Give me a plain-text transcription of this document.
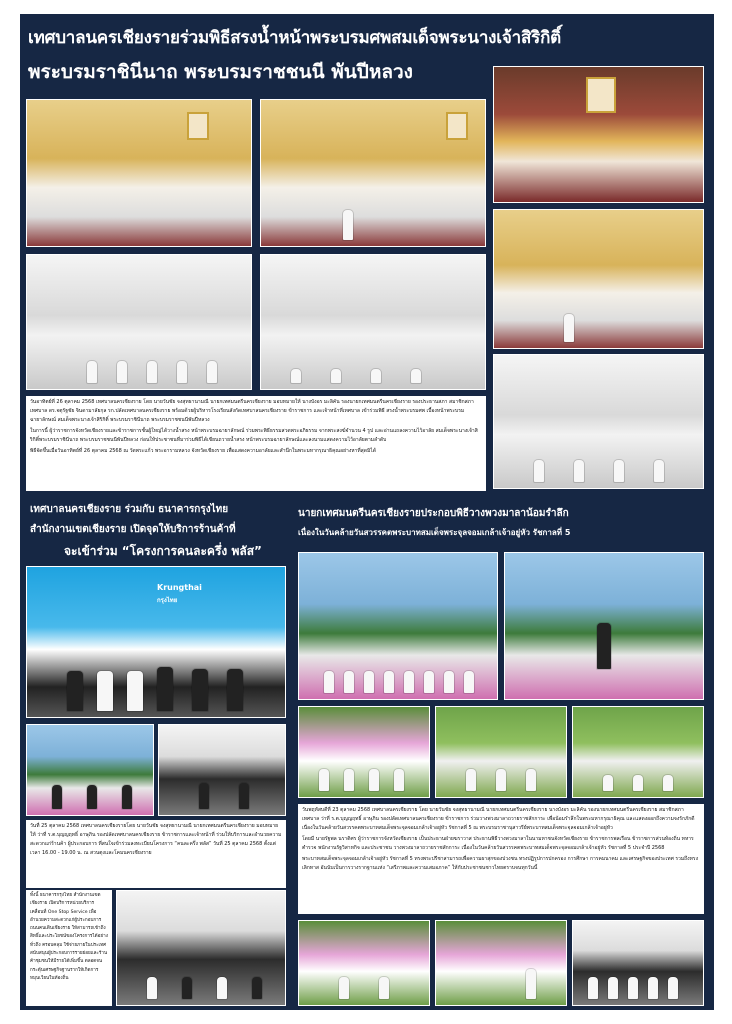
เทศบาลนครเชียงรายร่วมพิธีสรงน้ำหน้าพระบรมศพสมเด็จพระนางเจ้าสิริกิติ์
พระบรมราชินีนาถ พระบรมราชชนนี พันปีหลวง

วันอาทิตย์ที่ 26 ตุลาคม 2568 เทศบาลนครเชียงราย โดย นายวันชัย จงสุทธานามณี นายกเทศมนตรีนครเชียงราย มอบหมายให้ นางบังอร มะลิคัน รองนายกเทศมนตรีนครเชียงราย รองประธานสภา สมาชิกสภาเทศบาล ดร.จตุรัฐชัย จินดามาลัยกุล รก.ปลัดเทศบาลนครเชียงราย พร้อมด้วยผู้บริหารโรงเรียนสังกัดเทศบาลนครเชียงราย ข้าราชการ และเจ้าหน้าที่เทศบาล เข้าร่วมพิธี สรงน้ำพระบรมศพ เบื้องหน้าพระบรมฉายาลักษณ์ สมเด็จพระนางเจ้าสิริกิติ์ พระบรมราชินีนาถ พระบรมราชชนนีพันปีหลวง

ในการนี้ ผู้ว่าราชการจังหวัดเชียงรายและข้าราชการชั้นผู้ใหญ่ได้วางน้ำสรง หน้าพระบรมฉายาลักษณ์ ร่วมพระพิธีธรรมสวดพระอภิธรรม จากพระสงฆ์จำนวน 4 รูป และอ่านแถลงความไว้อาลัย สมเด็จพระนางเจ้าสิริกิติ์พระบรมราชินีนาถ พระบรมราชชนนีพันปีหลวง ก่อนให้ประชาชนที่มาร่วมพิธีได้เขียนถวายน้ำสรง หน้าพระบรมฉายาลักษณ์และลงนามแสดงความไว้อาลัยตามลำดับ

พิธีจัดขึ้นเมื่อวันอาทิตย์ที่ 26 ตุลาคม 2568 ณ วัดพระแก้ว พระอารามหลวง จังหวัดเชียงราย เพื่อแสดงความอาลัยและสำนึกในพระมหากรุณาธิคุณอย่างหาที่สุดมิได้

เทศบาลนครเชียงราย ร่วมกับ ธนาคารกรุงไทย
สำนักงานเขตเชียงราย เปิดจุดให้บริการร้านค้าที่
จะเข้าร่วม “โครงการคนละครึ่ง พลัส”
Krungthai
กรุงไทย

วันที่ 25 ตุลาคม 2568 เทศบาลนครเชียงรายโดย นายวันชัย จงสุทธานามณี นายกเทศมนตรีนครเชียงราย มอบหมายให้ ว่าที่ ร.ต.บุญญฤทธิ์ อาษุภิน รองปลัดเทศบาลนครเชียงราย ข้าราชการและเจ้าหน้าที่ ร่วมให้บริการและอำนวยความสะดวกแก่ร้านค้า ผู้ประกอบการ ที่สนใจเข้าร่วมลงทะเบียนโครงการ “คนละครึ่ง พลัส” วันที่ 25 ตุลาคม 2568 ตั้งแต่เวลา 16.00 - 19.00 น. ณ สวนตุงและโคมนครเชียงราย

ทั้งนี้ ธนาคารกรุงไทย สำนักงานเขตเชียงราย เปิดบริการหน่วยบริการเคลื่อนที่ One Stop Service เพื่ออำนวยความสะดวกแก่ผู้ประกอบการ ถนนคนเดินเชียงราย ให้สามารถเข้าถึงสิทธิ์และประโยชน์ของโครงการได้อย่างทั่วถึง ครอบคลุม ใช้จ่ายภายในประเทศ สนับสนุนผู้ประกอบการรายย่อยและร้านค้าชุมชนให้มีรายได้เพิ่มขึ้น ตลอดจนกระตุ้นเศรษฐกิจฐานรากให้เกิดการหมุนเวียนในท้องถิ่น

นายกเทศมนตรีนครเชียงรายประกอบพิธีวางพวงมาลาน้อมรำลึก
เนื่องในวันคล้ายวันสวรรคตพระบาทสมเด็จพระจุลจอมเกล้าเจ้าอยู่หัว รัชกาลที่ 5

วันพฤหัสบดีที่ 23 ตุลาคม 2568 เทศบาลนครเชียงราย โดย นายวันชัย จงสุทธานามณี นายกเทศมนตรีนครเชียงราย นางบังอร มะลิคัน รองนายกเทศมนตรีนครเชียงราย สมาชิกสภาเทศบาล ว่าที่ ร.ต.บุญญฤทธิ์ อาษุภิน รองปลัดเทศบาลนครเชียงราย ข้าราชการ ร่วมวางพวงมาลาถวายราชสักการะ เพื่อน้อมรำลึกในพระมหากรุณาธิคุณ และแสดงออกถึงความจงรักภักดี เนื่องในวันคล้ายวันสวรรคตพระบาทสมเด็จพระจุลจอมเกล้าเจ้าอยู่หัว รัชกาลที่ 5 ณ พระบรมราชานุสาวรีย์พระบาทสมเด็จพระจุลจอมเกล้าเจ้าอยู่หัว

โดยมี นายรัฐพล นราดิศร ผู้ว่าราชการจังหวัดเชียงราย เป็นประธานฝ่ายฆราวาส ประธานพิธีวางพวงมาลาในนามหาชนจังหวัดเชียงราย ข้าราชการพลเรือน ข้าราชการส่วนท้องถิ่น ทหาร ตำรวจ พนักงานรัฐวิสาหกิจ และประชาชน วางพวงมาลาถวายราชสักการะ เนื่องในวันคล้ายวันสวรรคตพระบาทสมเด็จพระจุลจอมเกล้าเจ้าอยู่หัว รัชกาลที่ 5 ประจำปี 2568

พระบาทสมเด็จพระจุลจอมเกล้าเจ้าอยู่หัว รัชกาลที่ 5 ทรงพระปรีชาสามารถเพื่อความผาสุกของปวงชน ทรงปฏิรูปการปกครอง การศึกษา การคมนาคม และเศรษฐกิจของประเทศ รวมถึงทรงเลิกทาส อันนับเป็นการวางรากฐานแห่ง “เสรีภาพและความเสมอภาค” ให้กับประชาชนชาวไทยตราบจนทุกวันนี้
